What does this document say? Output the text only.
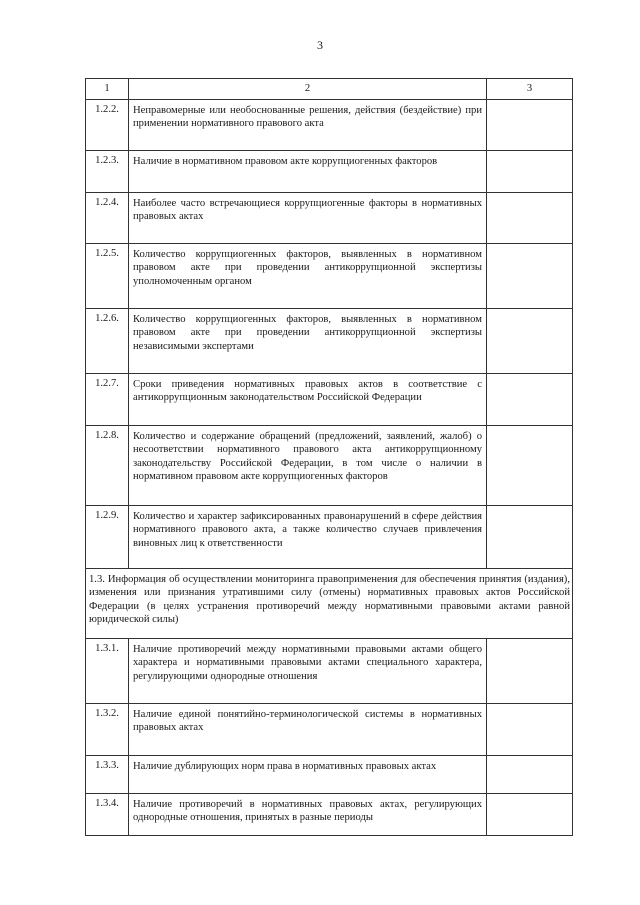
3
1	2	3
1.2.2.	Неправомерные или необоснованные решения, действия (бездействие) при применении нормативного правового акта	
1.2.3.	Наличие в нормативном правовом акте коррупциогенных факторов	
1.2.4.	Наиболее часто встречающиеся коррупциогенные факторы в нормативных правовых актах	
1.2.5.	Количество коррупциогенных факторов, выявленных в нормативном правовом акте при проведении антикоррупционной экспертизы уполномоченным органом	
1.2.6.	Количество коррупциогенных факторов, выявленных в нормативном правовом акте при проведении антикоррупционной экспертизы независимыми экспертами	
1.2.7.	Сроки приведения нормативных правовых актов в соответствие с антикоррупционным законодательством Российской Федерации	
1.2.8.	Количество и содержание обращений (предложений, заявлений, жалоб) о несоответствии нормативного правового акта антикоррупционному законодательству Российской Федерации, в том числе о наличии в нормативном правовом акте коррупциогенных факторов	
1.2.9.	Количество и характер зафиксированных правонарушений в сфере действия нормативного правового акта, а также количество случаев привлечения виновных лиц к ответственности	
1.3. Информация об осуществлении мониторинга правоприменения для обеспечения принятия (издания), изменения или признания утратившими силу (отмены) нормативных правовых актов Российской Федерации (в целях устранения противоречий между нормативными правовыми актами равной юридической силы)		
1.3.1.	Наличие противоречий между нормативными правовыми актами общего характера и нормативными правовыми актами специального характера, регулирующими однородные отношения	
1.3.2.	Наличие единой понятийно-терминологической системы в нормативных правовых актах	
1.3.3.	Наличие дублирующих норм права в нормативных правовых актах	
1.3.4.	Наличие противоречий в нормативных правовых актах, регулирующих однородные отношения, принятых в разные периоды	
